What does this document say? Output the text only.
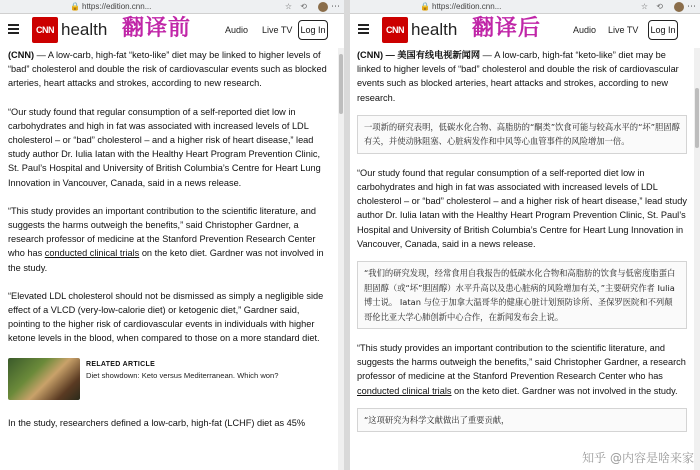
🔒 https://edition.cnn...	☆ ⟲ ⋯
CNN health 翻译前	Audio Live TV Log In

(CNN) — A low-carb, high-fat “keto-like” diet may be linked to higher levels of “bad” cholesterol and double the risk of cardiovascular events such as blocked arteries, heart attacks and strokes, according to new research.

“Our study found that regular consumption of a self-reported diet low in carbohydrates and high in fat was associated with increased levels of LDL cholesterol – or “bad” cholesterol – and a higher risk of heart disease,” lead study author Dr. Iulia Iatan with the Healthy Heart Program Prevention Clinic, St. Paul’s Hospital and University of British Columbia’s Centre for Heart Lung Innovation in Vancouver, Canada, said in a news release.

“This study provides an important contribution to the scientific literature, and suggests the harms outweigh the benefits,” said Christopher Gardner, a research professor of medicine at the Stanford Prevention Research Center who has conducted clinical trials on the keto diet. Gardner was not involved in the study.

“Elevated LDL cholesterol should not be dismissed as simply a negligible side effect of a VLCD (very-low-calorie diet) or ketogenic diet,” Gardner said, pointing to the higher risk of cardiovascular events in individuals with higher ketone levels in the blood, when compared to those on a more standard diet.

RELATED ARTICLE
Diet showdown: Keto versus Mediterranean. Which won?

In the study, researchers defined a low-carb, high-fat (LCHF) diet as 45%

🔒 https://edition.cnn...	☆ ⟲ ⋯
CNN health 翻译后	Audio Live TV Log In

(CNN) — 美国有线电视新闻网 — A low-carb, high-fat “keto-like” diet may be linked to higher levels of “bad” cholesterol and double the risk of cardiovascular events such as blocked arteries, heart attacks and strokes, according to new research.

一项新的研究表明，低碳水化合物、高脂肪的“酮类”饮食可能与较高水平的“坏”胆固醇有关，并使动脉阻塞、心脏病发作和中风等心血管事件的风险增加一倍。

“Our study found that regular consumption of a self-reported diet low in carbohydrates and high in fat was associated with increased levels of LDL cholesterol – or “bad” cholesterol – and a higher risk of heart disease,” lead study author Dr. Iulia Iatan with the Healthy Heart Program Prevention Clinic, St. Paul’s Hospital and University of British Columbia’s Centre for Heart Lung Innovation in Vancouver, Canada, said in a news release.

“我们的研究发现，经常食用自我报告的低碳水化合物和高脂肪的饮食与低密度脂蛋白胆固醇（或“坏”胆固醇）水平升高以及患心脏病的风险增加有关，”主要研究作者 Iulia 博士说。 Iatan 与位于加拿大温哥华的健康心脏计划预防诊所、圣保罗医院和不列颠哥伦比亚大学心肺创新中心合作，在新闻发布会上说。

“This study provides an important contribution to the scientific literature, and suggests the harms outweigh the benefits,” said Christopher Gardner, a research professor of medicine at the Stanford Prevention Research Center who has conducted clinical trials on the keto diet. Gardner was not involved in the study.

“这项研究为科学文献做出了重要贡献，
知乎 @内容是啥来家
